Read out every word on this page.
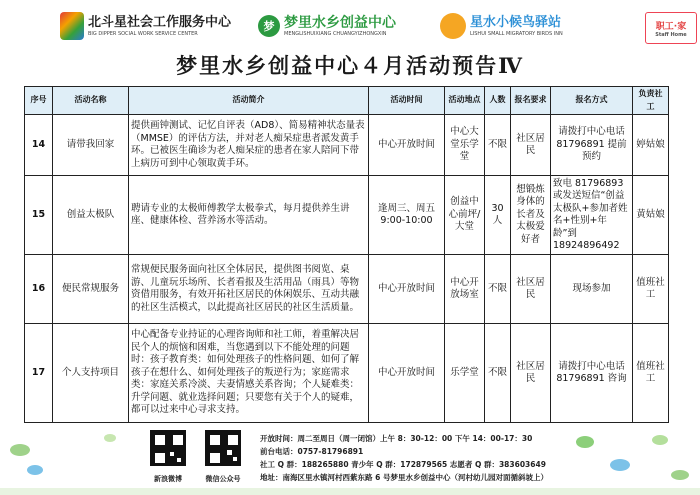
北斗星社会工作服务中心
BIG DIPPER SOCIAL WORK SERVICE CENTER
梦 梦里水乡创益中心
MENGLISHUIXIANG CHUANGYIZHONGXIN
星水小候鸟驿站
LISHUI SMALL MIGRATORY BIRDS INN
职工·家
Staff Home
梦里水乡创益中心４月活动预告Ⅳ
序号	活动名称	活动简介	活动时间	活动地点	人数	报名要求	报名方式	负责社工
14	请带我回家	提供画钟测试、记忆自评表（AD8）、简易精神状态量表（MMSE）的评估方法，并对老人痴呆症患者派发黄手环。已被医生确诊为老人痴呆症的患者在家人陪同下带上病历可到中心领取黄手环。	中心开放时间	中心大堂乐学堂	不限	社区居民	请拨打中心电话81796891 提前预约	婷姑娘
15	创益太极队	聘请专业的太极师傅教学太极拳式，每月提供养生讲座、健康体检、营养汤水等活动。	逢周三、周五 9:00-10:00	创益中心前坪/大堂	30 人	想锻炼身体的长者及太极爱好者	致电 81796893 或发送短信“创益太极队+参加者姓名+性别+年龄”到18924896492	黄姑娘
16	便民常规服务	常规便民服务面向社区全体居民，提供图书阅览、桌游、儿童玩乐场所、长者看报及生活用品（雨具）等物资借用服务，有效开拓社区居民的休闲娱乐、互动共融的社区生活模式，以此提高社区居民的社区生活质量。	中心开放时间	中心开放场室	不限	社区居民	现场参加	值班社工
17	个人支持项目	中心配备专业持证的心理咨询师和社工师，着重解决居民个人的烦恼和困难，当您遇到以下不能处理的问题时：孩子教育类：如何处理孩子的性格问题、如何了解孩子在想什么、如何处理孩子的叛逆行为；家庭需求类：家庭关系冷淡、夫妻情感关系咨询；个人疑难类：升学问题、就业选择问题；只要您有关于个人的疑难，都可以过来中心寻求支持。	中心开放时间	乐学堂	不限	社区居民	请拨打中心电话81796891 咨询	值班社工
新浪微博	微信公众号
开放时间：周二至周日（周一闭馆）上午 8：30-12：00 下午 14：00-17：30
前台电话：0757-81796891
社工 Q 群：188265880 青少年 Q 群：172879565 志愿者 Q 群：383603649
地址：南海区里水镇河村西紫东路 6 号梦里水乡创益中心（河村幼儿园对面循斜坡上）
